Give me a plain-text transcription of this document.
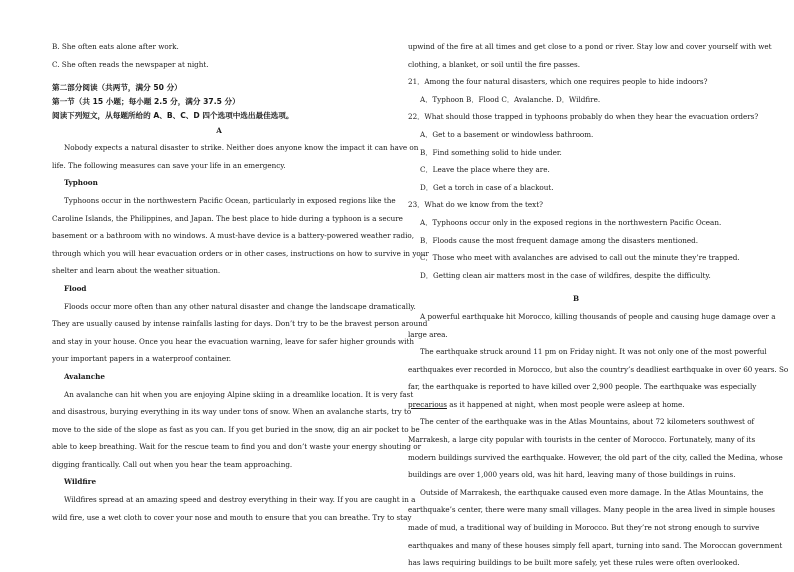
B. She often eats alone after work.
C. She often reads the newspaper at night.
第二部分阅读（共两节，满分 50 分）
第一节（共 15 小题；每小题 2.5 分，满分 37.5 分）
阅读下列短文，从每题所给的 A、B、C、D 四个选项中选出最佳选项。
A
Nobody expects a natural disaster to strike. Neither does anyone know the impact it can have on
life. The following measures can save your life in an emergency.
Typhoon
Typhoons occur in the northwestern Pacific Ocean, particularly in exposed regions like the
Caroline Islands, the Philippines, and Japan. The best place to hide during a typhoon is a secure
basement or a bathroom with no windows. A must-have device is a battery-powered weather radio,
through which you will hear evacuation orders or in other cases, instructions on how to survive in your
shelter and learn about the weather situation.
Flood
Floods occur more often than any other natural disaster and change the landscape dramatically.
They are usually caused by intense rainfalls lasting for days. Don’t try to be the bravest person around
and stay in your house. Once you hear the evacuation warning, leave for safer higher grounds with
your important papers in a waterproof container.
Avalanche
An avalanche can hit when you are enjoying Alpine skiing in a dreamlike location. It is very fast
and disastrous, burying everything in its way under tons of snow. When an avalanche starts, try to
move to the side of the slope as fast as you can. If you get buried in the snow, dig an air pocket to be
able to keep breathing. Wait for the rescue team to find you and don’t waste your energy shouting or
digging frantically. Call out when you hear the team approaching.
Wildfire
Wildfires spread at an amazing speed and destroy everything in their way. If you are caught in a
wild fire, use a wet cloth to cover your nose and mouth to ensure that you can breathe. Try to stay
upwind of the fire at all times and get close to a pond or river. Stay low and cover yourself with wet
clothing, a blanket, or soil until the fire passes.
21．Among the four natural disasters, which one requires people to hide indoors?
A．Typhoon B．Flood C．Avalanche. D．Wildfire.
22．What should those trapped in typhoons probably do when they hear the evacuation orders?
A．Get to a basement or windowless bathroom.
B．Find something solid to hide under.
C．Leave the place where they are.
D．Get a torch in case of a blackout.
23．What do we know from the text?
A．Typhoons occur only in the exposed regions in the northwestern Pacific Ocean.
B．Floods cause the most frequent damage among the disasters mentioned.
C．Those who meet with avalanches are advised to call out the minute they’re trapped.
D．Getting clean air matters most in the case of wildfires, despite the difficulty.
B
A powerful earthquake hit Morocco, killing thousands of people and causing huge damage over a
large area.
The earthquake struck around 11 pm on Friday night. It was not only one of the most powerful
earthquakes ever recorded in Morocco, but also the country’s deadliest earthquake in over 60 years. So
far, the earthquake is reported to have killed over 2,900 people. The earthquake was especially
precarious as it happened at night, when most people were asleep at home.
The center of the earthquake was in the Atlas Mountains, about 72 kilometers southwest of
Marrakesh, a large city popular with tourists in the center of Morocco. Fortunately, many of its
modern buildings survived the earthquake. However, the old part of the city, called the Medina, whose
buildings are over 1,000 years old, was hit hard, leaving many of those buildings in ruins.
Outside of Marrakesh, the earthquake caused even more damage. In the Atlas Mountains, the
earthquake’s center, there were many small villages. Many people in the area lived in simple houses
made of mud, a traditional way of building in Morocco. But they’re not strong enough to survive
earthquakes and many of these houses simply fell apart, turning into sand. The Moroccan government
has laws requiring buildings to be built more safely, yet these rules were often overlooked.
